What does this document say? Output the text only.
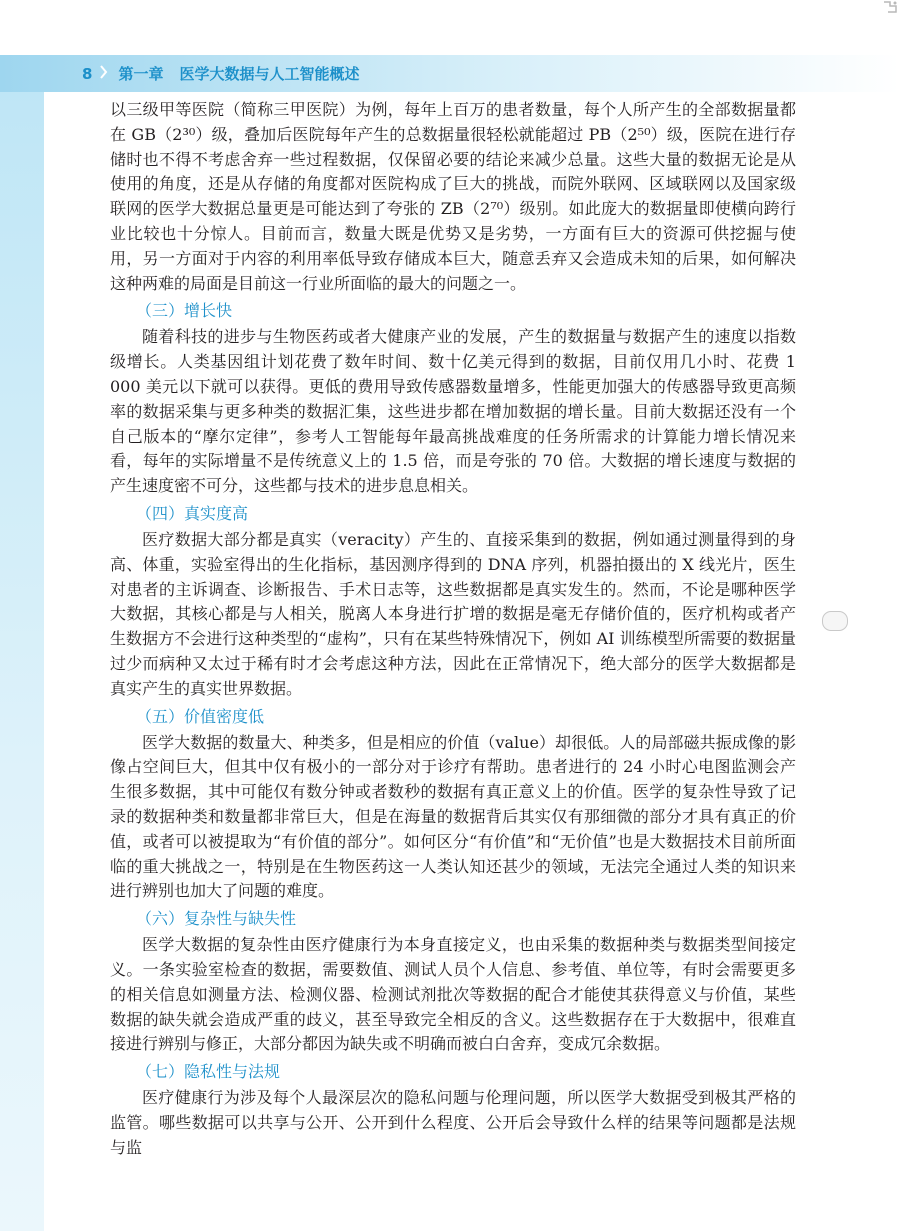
8 第一章 医学大数据与人工智能概述

以三级甲等医院（简称三甲医院）为例，每年上百万的患者数量，每个人所产生的全部数据量都在 GB（2³⁰）级，叠加后医院每年产生的总数据量很轻松就能超过 PB（2⁵⁰）级，医院在进行存储时也不得不考虑舍弃一些过程数据，仅保留必要的结论来减少总量。这些大量的数据无论是从使用的角度，还是从存储的角度都对医院构成了巨大的挑战，而院外联网、区域联网以及国家级联网的医学大数据总量更是可能达到了夸张的 ZB（2⁷⁰）级别。如此庞大的数据量即使横向跨行业比较也十分惊人。目前而言，数量大既是优势又是劣势，一方面有巨大的资源可供挖掘与使用，另一方面对于内容的利用率低导致存储成本巨大，随意丢弃又会造成未知的后果，如何解决这种两难的局面是目前这一行业所面临的最大的问题之一。

（三）增长快

随着科技的进步与生物医药或者大健康产业的发展，产生的数据量与数据产生的速度以指数级增长。人类基因组计划花费了数年时间、数十亿美元得到的数据，目前仅用几小时、花费 1 000 美元以下就可以获得。更低的费用导致传感器数量增多，性能更加强大的传感器导致更高频率的数据采集与更多种类的数据汇集，这些进步都在增加数据的增长量。目前大数据还没有一个自己版本的“摩尔定律”，参考人工智能每年最高挑战难度的任务所需求的计算能力增长情况来看，每年的实际增量不是传统意义上的 1.5 倍，而是夸张的 70 倍。大数据的增长速度与数据的产生速度密不可分，这些都与技术的进步息息相关。

（四）真实度高

医疗数据大部分都是真实（veracity）产生的、直接采集到的数据，例如通过测量得到的身高、体重，实验室得出的生化指标，基因测序得到的 DNA 序列，机器拍摄出的 X 线光片，医生对患者的主诉调查、诊断报告、手术日志等，这些数据都是真实发生的。然而，不论是哪种医学大数据，其核心都是与人相关，脱离人本身进行扩增的数据是毫无存储价值的，医疗机构或者产生数据方不会进行这种类型的“虚构”，只有在某些特殊情况下，例如 AI 训练模型所需要的数据量过少而病种又太过于稀有时才会考虑这种方法，因此在正常情况下，绝大部分的医学大数据都是真实产生的真实世界数据。

（五）价值密度低

医学大数据的数量大、种类多，但是相应的价值（value）却很低。人的局部磁共振成像的影像占空间巨大，但其中仅有极小的一部分对于诊疗有帮助。患者进行的 24 小时心电图监测会产生很多数据，其中可能仅有数分钟或者数秒的数据有真正意义上的价值。医学的复杂性导致了记录的数据种类和数量都非常巨大，但是在海量的数据背后其实仅有那细微的部分才具有真正的价值，或者可以被提取为“有价值的部分”。如何区分“有价值”和“无价值”也是大数据技术目前所面临的重大挑战之一，特别是在生物医药这一人类认知还甚少的领域，无法完全通过人类的知识来进行辨别也加大了问题的难度。

（六）复杂性与缺失性

医学大数据的复杂性由医疗健康行为本身直接定义，也由采集的数据种类与数据类型间接定义。一条实验室检查的数据，需要数值、测试人员个人信息、参考值、单位等，有时会需要更多的相关信息如测量方法、检测仪器、检测试剂批次等数据的配合才能使其获得意义与价值，某些数据的缺失就会造成严重的歧义，甚至导致完全相反的含义。这些数据存在于大数据中，很难直接进行辨别与修正，大部分都因为缺失或不明确而被白白舍弃，变成冗余数据。

（七）隐私性与法规

医疗健康行为涉及每个人最深层次的隐私问题与伦理问题，所以医学大数据受到极其严格的监管。哪些数据可以共享与公开、公开到什么程度、公开后会导致什么样的结果等问题都是法规与监
